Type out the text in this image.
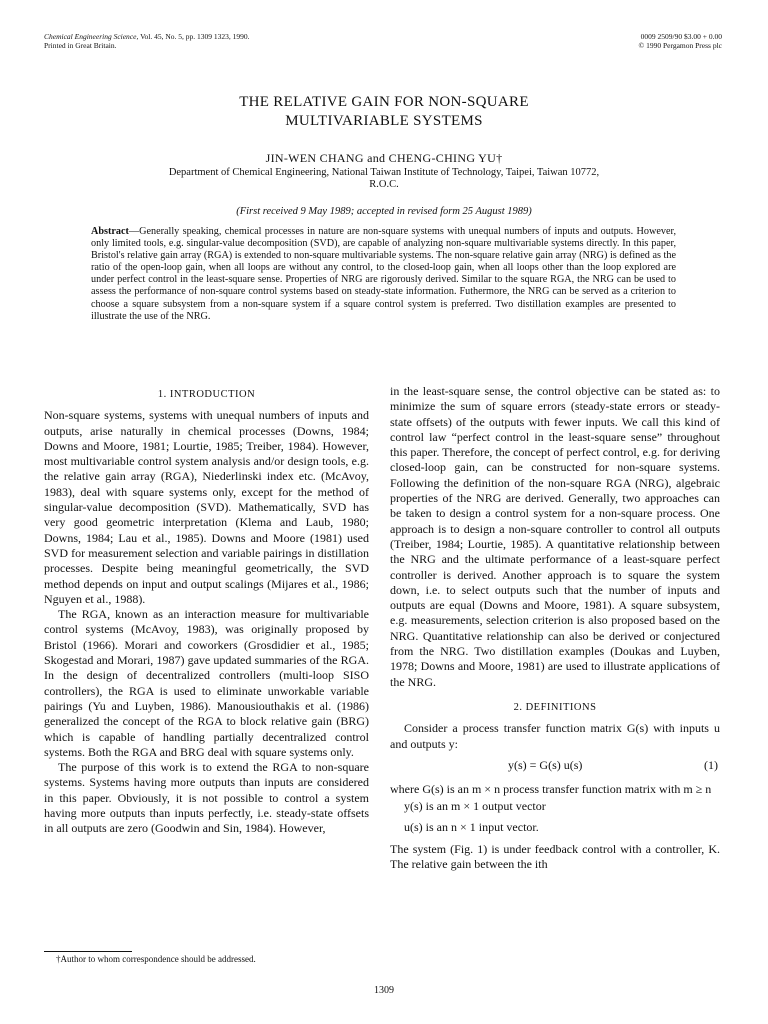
Chemical Engineering Science, Vol. 45, No. 5, pp. 1309 1323, 1990.
Printed in Great Britain.
0009 2509/90 $3.00 + 0.00
© 1990 Pergamon Press plc
THE RELATIVE GAIN FOR NON-SQUARE
MULTIVARIABLE SYSTEMS
JIN-WEN CHANG and CHENG-CHING YU†
Department of Chemical Engineering, National Taiwan Institute of Technology, Taipei, Taiwan 10772,
R.O.C.
(First received 9 May 1989; accepted in revised form 25 August 1989)
Abstract—Generally speaking, chemical processes in nature are non-square systems with unequal numbers of inputs and outputs. However, only limited tools, e.g. singular-value decomposition (SVD), are capable of analyzing non-square multivariable systems directly. In this paper, Bristol's relative gain array (RGA) is extended to non-square multivariable systems. The non-square relative gain array (NRG) is defined as the ratio of the open-loop gain, when all loops are without any control, to the closed-loop gain, when all loops other than the loop explored are under perfect control in the least-square sense. Properties of NRG are rigorously derived. Similar to the square RGA, the NRG can be used to assess the performance of non-square control systems based on steady-state information. Futhermore, the NRG can be served as a criterion to choose a square subsystem from a non-square system if a square control system is preferred. Two distillation examples are presented to illustrate the use of the NRG.
1. INTRODUCTION

Non-square systems, systems with unequal numbers of inputs and outputs, arise naturally in chemical processes (Downs, 1984; Downs and Moore, 1981; Lourtie, 1985; Treiber, 1984). However, most multivariable control system analysis and/or design tools, e.g. the relative gain array (RGA), Niederlinski index etc. (McAvoy, 1983), deal with square systems only, except for the method of singular-value decomposition (SVD). Mathematically, SVD has very good geometric interpretation (Klema and Laub, 1980; Downs, 1984; Lau et al., 1985). Downs and Moore (1981) used SVD for measurement selection and variable pairings in distillation processes. Despite being meaningful geometrically, the SVD method depends on input and output scalings (Mijares et al., 1986; Nguyen et al., 1988).

The RGA, known as an interaction measure for multivariable control systems (McAvoy, 1983), was originally proposed by Bristol (1966). Morari and coworkers (Grosdidier et al., 1985; Skogestad and Morari, 1987) gave updated summaries of the RGA. In the design of decentralized controllers (multi-loop SISO controllers), the RGA is used to eliminate unworkable variable pairings (Yu and Luyben, 1986). Manousiouthakis et al. (1986) generalized the concept of the RGA to block relative gain (BRG) which is capable of handling partially decentralized control systems. Both the RGA and BRG deal with square systems only.

The purpose of this work is to extend the RGA to non-square systems. Systems having more outputs than inputs are considered in this paper. Obviously, it is not possible to control a system having more outputs than inputs perfectly, i.e. steady-state offsets in all outputs are zero (Goodwin and Sin, 1984). However,

in the least-square sense, the control objective can be stated as: to minimize the sum of square errors (steady-state errors or steady-state offsets) of the outputs with fewer inputs. We call this kind of control law “perfect control in the least-square sense” throughout this paper. Therefore, the concept of perfect control, e.g. for deriving closed-loop gain, can be constructed for non-square systems. Following the definition of the non-square RGA (NRG), algebraic properties of the NRG are derived. Generally, two approaches can be taken to design a control system for a non-square process. One approach is to design a non-square controller to control all outputs (Treiber, 1984; Lourtie, 1985). A quantitative relationship between the NRG and the ultimate performance of a least-square perfect controller is derived. Another approach is to square the system down, i.e. to select outputs such that the number of inputs and outputs are equal (Downs and Moore, 1981). A square subsystem, e.g. measurements, selection criterion is also proposed based on the NRG. Quantitative relationship can also be derived or conjectured from the NRG. Two distillation examples (Doukas and Luyben, 1978; Downs and Moore, 1981) are used to illustrate applications of the NRG.

2. DEFINITIONS

Consider a process transfer function matrix G(s) with inputs u and outputs y:

y(s) = G(s) u(s)	(1)

where G(s) is an m × n process transfer function matrix with m ≥ n

y(s) is an m × 1 output vector

u(s) is an n × 1 input vector.

The system (Fig. 1) is under feedback control with a controller, K. The relative gain between the ith

†Author to whom correspondence should be addressed.
1309
